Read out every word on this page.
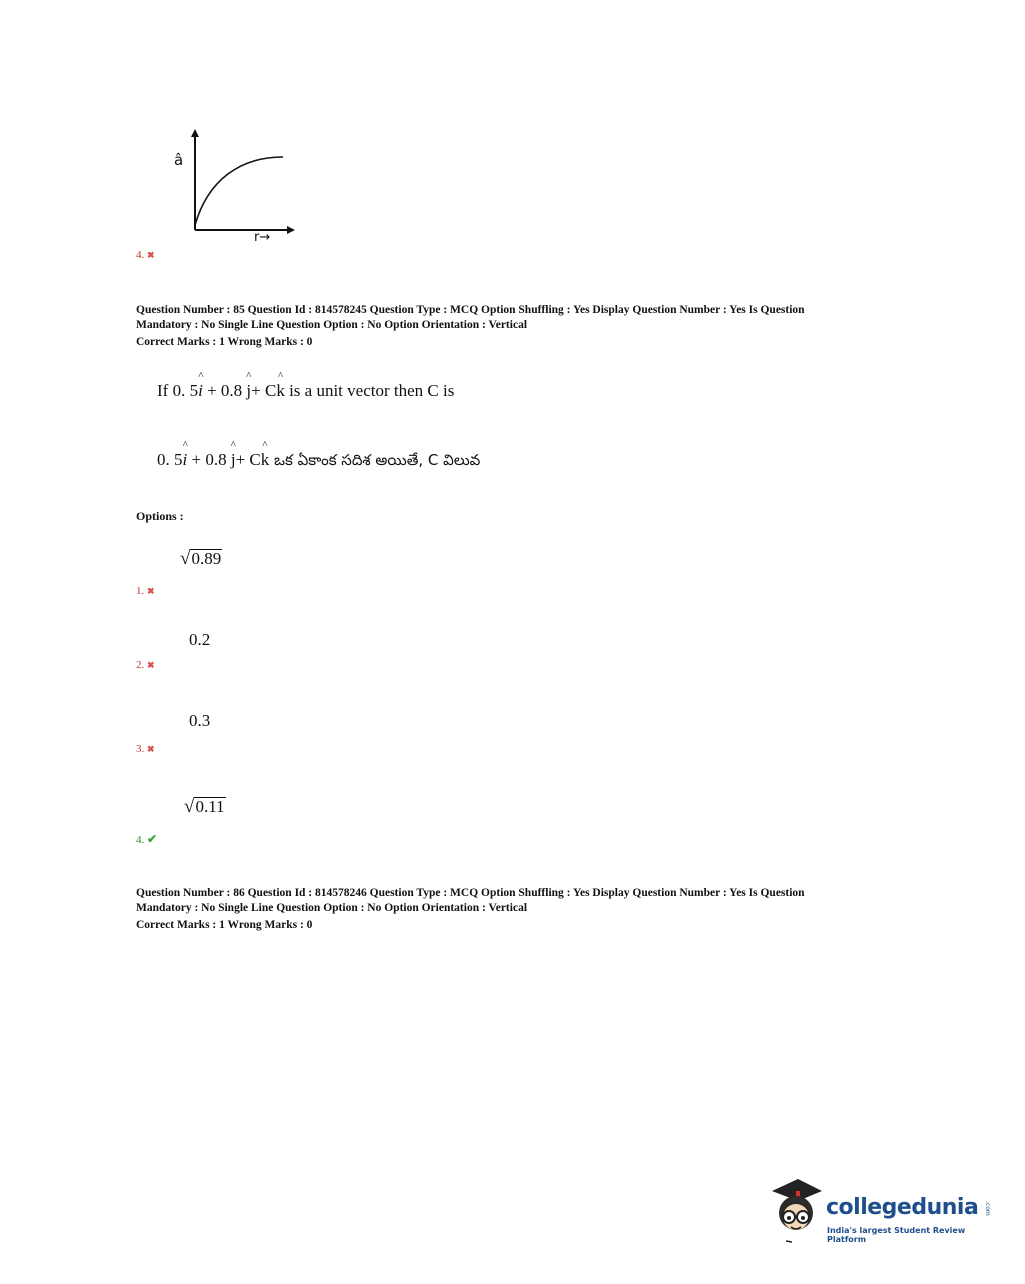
â
r→
4. ✖
Question Number : 85 Question Id : 814578245 Question Type : MCQ Option Shuffling : Yes Display Question Number : Yes Is Question
Mandatory : No Single Line Question Option : No Option Orientation : Vertical
Correct Marks : 1 Wrong Marks : 0
If 0. 5^ i + 0.8 ^ j+ C^ k is a unit vector then C is
0. 5^ i + 0.8 ^ j+ C^ k ఒక ఏకాంక సదిశ అయితే, C విలువ
Options :
√ 0.89
1. ✖
0.2
2. ✖
0.3
3. ✖
√ 0.11
4. ✔
Question Number : 86 Question Id : 814578246 Question Type : MCQ Option Shuffling : Yes Display Question Number : Yes Is Question
Mandatory : No Single Line Question Option : No Option Orientation : Vertical
Correct Marks : 1 Wrong Marks : 0
collegedunia .com
India's largest Student Review Platform
